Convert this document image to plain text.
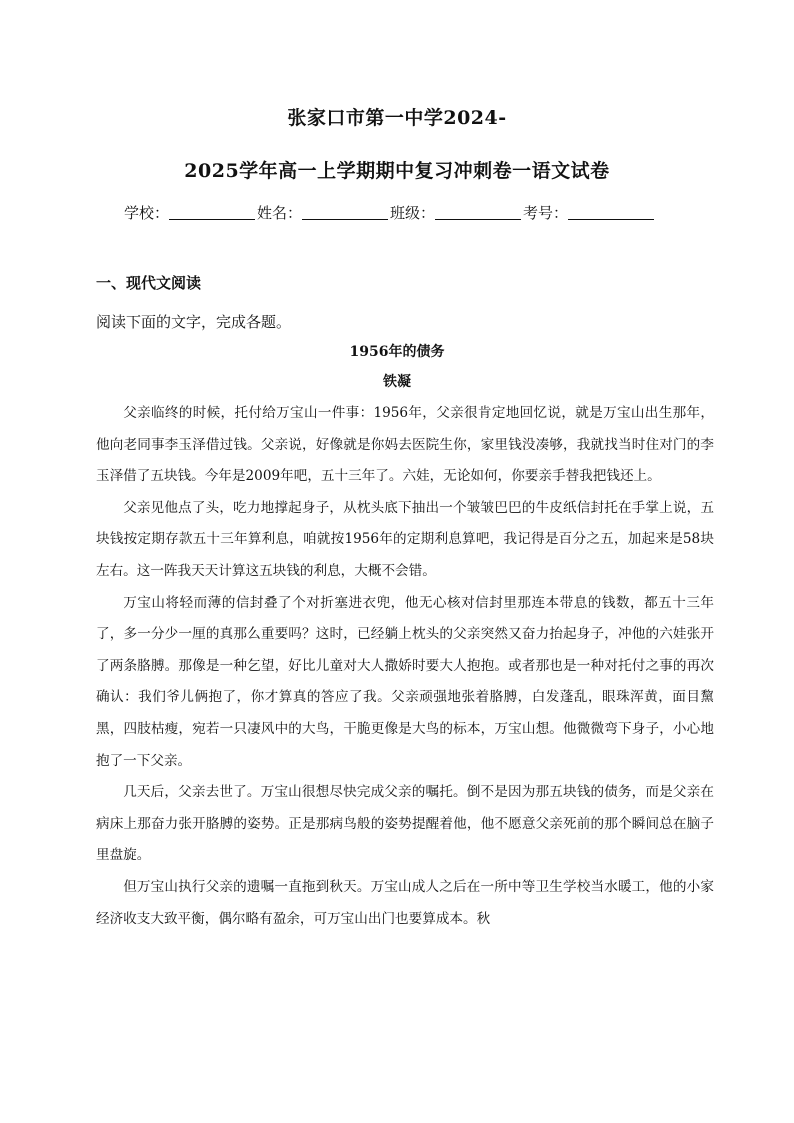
张家口市第一中学2024-
2025学年高一上学期期中复习冲刺卷一语文试卷
学校：	姓名：	班级：	考号：
一、现代文阅读
阅读下面的文字，完成各题。
1956年的债务
铁凝

父亲临终的时候，托付给万宝山一件事：1956年，父亲很肯定地回忆说，就是万宝山出生那年，他向老同事李玉泽借过钱。父亲说，好像就是你妈去医院生你，家里钱没凑够，我就找当时住对门的李玉泽借了五块钱。今年是2009年吧，五十三年了。六娃，无论如何，你要亲手替我把钱还上。

父亲见他点了头，吃力地撑起身子，从枕头底下抽出一个皱皱巴巴的牛皮纸信封托在手掌上说，五块钱按定期存款五十三年算利息，咱就按1956年的定期利息算吧，我记得是百分之五，加起来是58块左右。这一阵我天天计算这五块钱的利息，大概不会错。

万宝山将轻而薄的信封叠了个对折塞进衣兜，他无心核对信封里那连本带息的钱数，都五十三年了，多一分少一厘的真那么重要吗？这时，已经躺上枕头的父亲突然又奋力抬起身子，冲他的六娃张开了两条胳膊。那像是一种乞望，好比儿童对大人撒娇时要大人抱抱。或者那也是一种对托付之事的再次确认：我们爷儿俩抱了，你才算真的答应了我。父亲顽强地张着胳膊，白发蓬乱，眼珠浑黄，面目黧黑，四肢枯瘦，宛若一只凄风中的大鸟，干脆更像是大鸟的标本，万宝山想。他微微弯下身子，小心地抱了一下父亲。

几天后，父亲去世了。万宝山很想尽快完成父亲的嘱托。倒不是因为那五块钱的债务，而是父亲在病床上那奋力张开胳膊的姿势。正是那病鸟般的姿势提醒着他，他不愿意父亲死前的那个瞬间总在脑子里盘旋。

但万宝山执行父亲的遗嘱一直拖到秋天。万宝山成人之后在一所中等卫生学校当水暖工，他的小家经济收支大致平衡，偶尔略有盈余，可万宝山出门也要算成本。秋
